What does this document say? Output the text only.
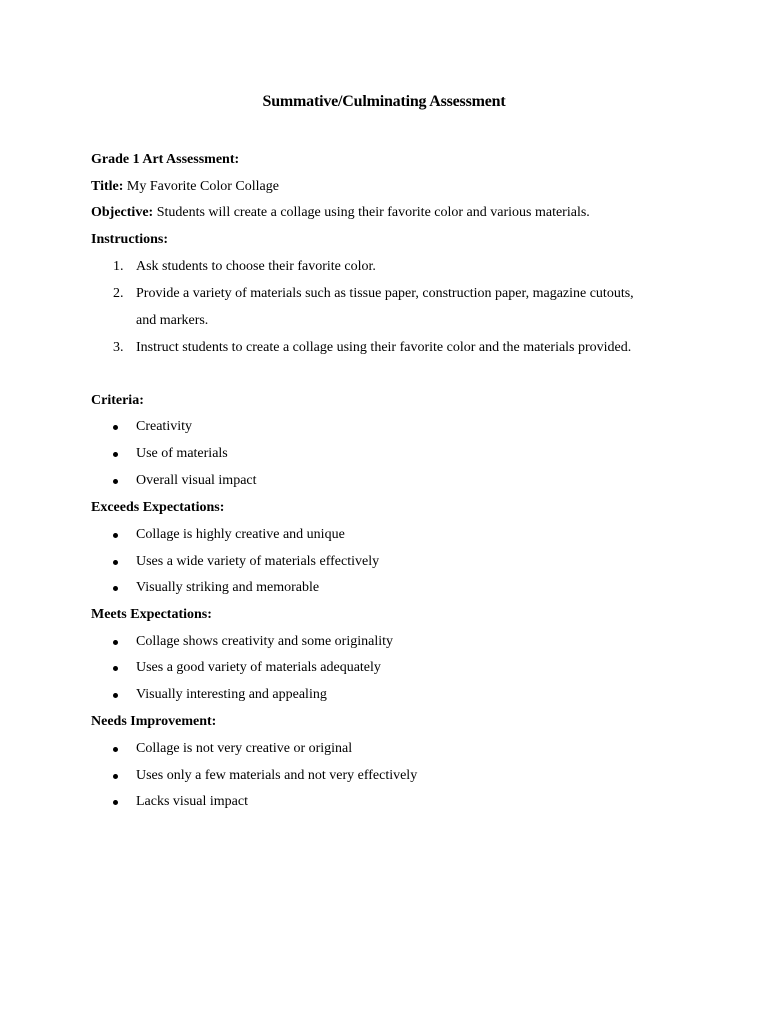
Summative/Culminating Assessment
Grade 1 Art Assessment:
Title: My Favorite Color Collage
Objective: Students will create a collage using their favorite color and various materials.
Instructions:
1. Ask students to choose their favorite color.
2. Provide a variety of materials such as tissue paper, construction paper, magazine cutouts,
and markers.
3. Instruct students to create a collage using their favorite color and the materials provided.
Criteria:
Creativity
Use of materials
Overall visual impact
Exceeds Expectations:
Collage is highly creative and unique
Uses a wide variety of materials effectively
Visually striking and memorable
Meets Expectations:
Collage shows creativity and some originality
Uses a good variety of materials adequately
Visually interesting and appealing
Needs Improvement:
Collage is not very creative or original
Uses only a few materials and not very effectively
Lacks visual impact
